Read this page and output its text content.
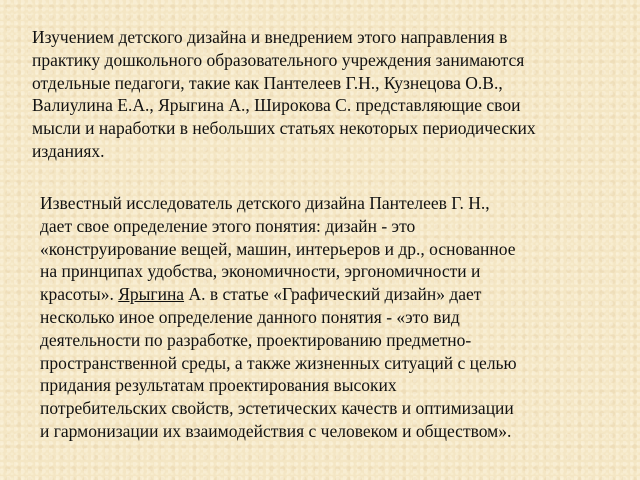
Изучением детского дизайна и внедрением этого направления в
практику дошкольного образовательного учреждения занимаются
отдельные педагоги, такие как Пантелеев Г.Н., Кузнецова О.В.,
Валиулина Е.А., Ярыгина А., Широкова С. представляющие свои
мысли и наработки в небольших статьях некоторых периодических
изданиях.
Известный исследователь детского дизайна Пантелеев Г. Н.,
дает свое определение этого понятия: дизайн - это
«конструирование вещей, машин, интерьеров и др., основанное
на принципах удобства, экономичности, эргономичности и
красоты». Ярыгина А. в статье «Графический дизайн» дает
несколько иное определение данного понятия - «это вид
деятельности по разработке, проектированию предметно-
пространственной среды, а также жизненных ситуаций с целью
придания результатам проектирования высоких
потребительских свойств, эстетических качеств и оптимизации
и гармонизации их взаимодействия с человеком и обществом».
